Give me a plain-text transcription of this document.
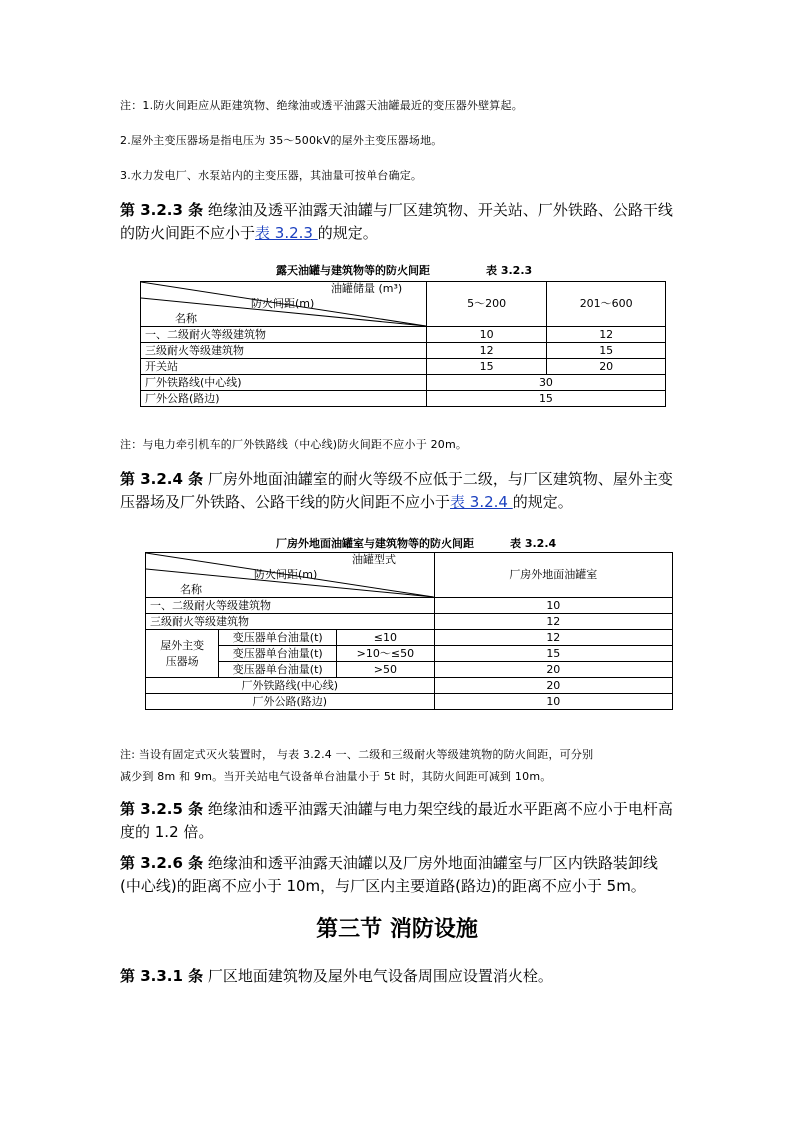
注：1.防火间距应从距建筑物、绝缘油或透平油露天油罐最近的变压器外壁算起。
2.屋外主变压器场是指电压为 35～500kV的屋外主变压器场地。
3.水力发电厂、水泵站内的主变压器，其油量可按单台确定。
第 3.2.3 条 绝缘油及透平油露天油罐与厂区建筑物、开关站、厂外铁路、公路干线的防火间距不应小于表 3.2.3 的规定。
露天油罐与建筑物等的防火间距	表 3.2.3
油罐储量 (m³)
防火间距(m)
名称	5～200	201～600
一、二级耐火等级建筑物	10	12
三级耐火等级建筑物	12	15
开关站	15	20
厂外铁路线(中心线)	30	
厂外公路(路边)	15	
注：与电力牵引机车的厂外铁路线（中心线)防火间距不应小于 20m。
第 3.2.4 条 厂房外地面油罐室的耐火等级不应低于二级，与厂区建筑物、屋外主变压器场及厂外铁路、公路干线的防火间距不应小于表 3.2.4 的规定。
厂房外地面油罐室与建筑物等的防火间距	表 3.2.4
油罐型式
防火间距(m)
名称			厂房外地面油罐室
一、二级耐火等级建筑物			10
三级耐火等级建筑物			12

屋外主变
压器场	变压器单台油量(t)	≤10	12
	变压器单台油量(t)	>10～≤50	15
	变压器单台油量(t)	>50	20
厂外铁路线(中心线)			20
厂外公路(路边)			10
注: 当设有固定式灭火装置时， 与表 3.2.4 一、二级和三级耐火等级建筑物的防火间距，可分别
减少到 8m 和 9m。当开关站电气设备单台油量小于 5t 时，其防火间距可减到 10m。
第 3.2.5 条 绝缘油和透平油露天油罐与电力架空线的最近水平距离不应小于电杆高度的 1.2 倍。
第 3.2.6 条 绝缘油和透平油露天油罐以及厂房外地面油罐室与厂区内铁路装卸线(中心线)的距离不应小于 10m，与厂区内主要道路(路边)的距离不应小于 5m。
第三节 消防设施
第 3.3.1 条 厂区地面建筑物及屋外电气设备周围应设置消火栓。
